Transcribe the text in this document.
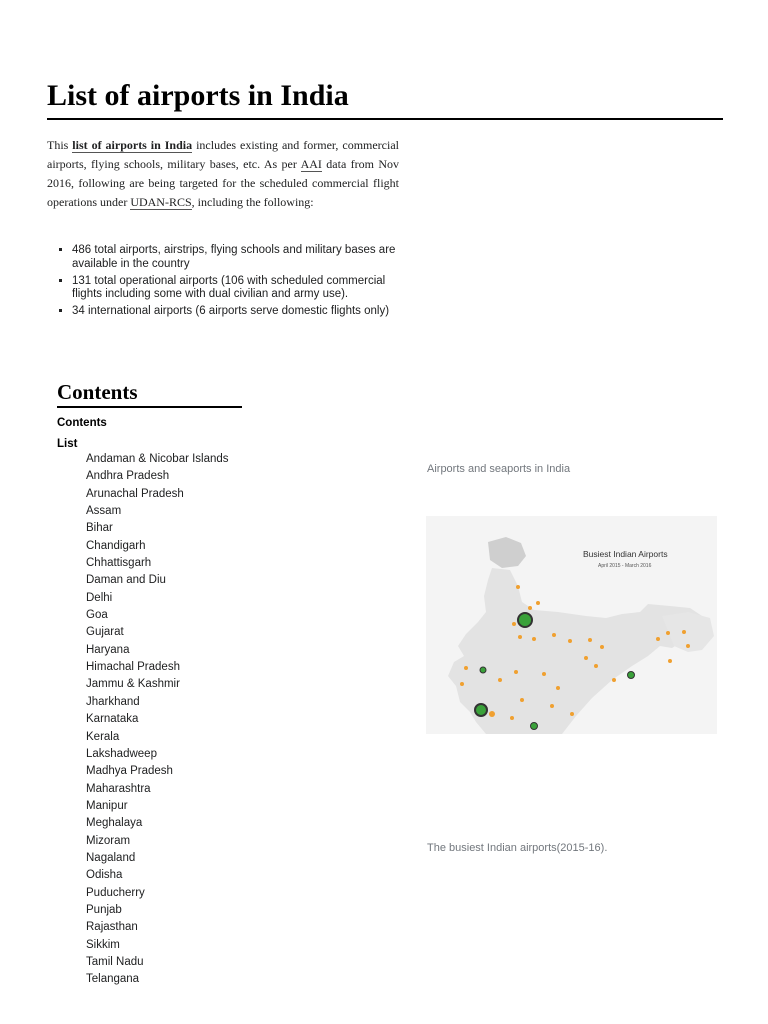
List of airports in India

This list of airports in India includes existing and former, commercial airports, flying schools, military bases, etc. As per AAI data from Nov 2016, following are being targeted for the scheduled commercial flight operations under UDAN-RCS, including the following:

▪ 486 total airports, airstrips, flying schools and military bases are available in the country
▪ 131 total operational airports (106 with scheduled commercial flights including some with dual civilian and army use).
▪ 34 international airports (6 airports serve domestic flights only)
Contents
Contents
List
Andaman & Nicobar Islands
Andhra Pradesh
Arunachal Pradesh
Assam
Bihar
Chandigarh
Chhattisgarh
Daman and Diu
Delhi
Goa
Gujarat
Haryana
Himachal Pradesh
Jammu & Kashmir
Jharkhand
Karnataka
Kerala
Lakshadweep
Madhya Pradesh
Maharashtra
Manipur
Meghalaya
Mizoram
Nagaland
Odisha
Puducherry
Punjab
Rajasthan
Sikkim
Tamil Nadu
Telangana
Airports and seaports in India
Busiest Indian Airports
April 2015 - March 2016
The busiest Indian airports(2015-16).
